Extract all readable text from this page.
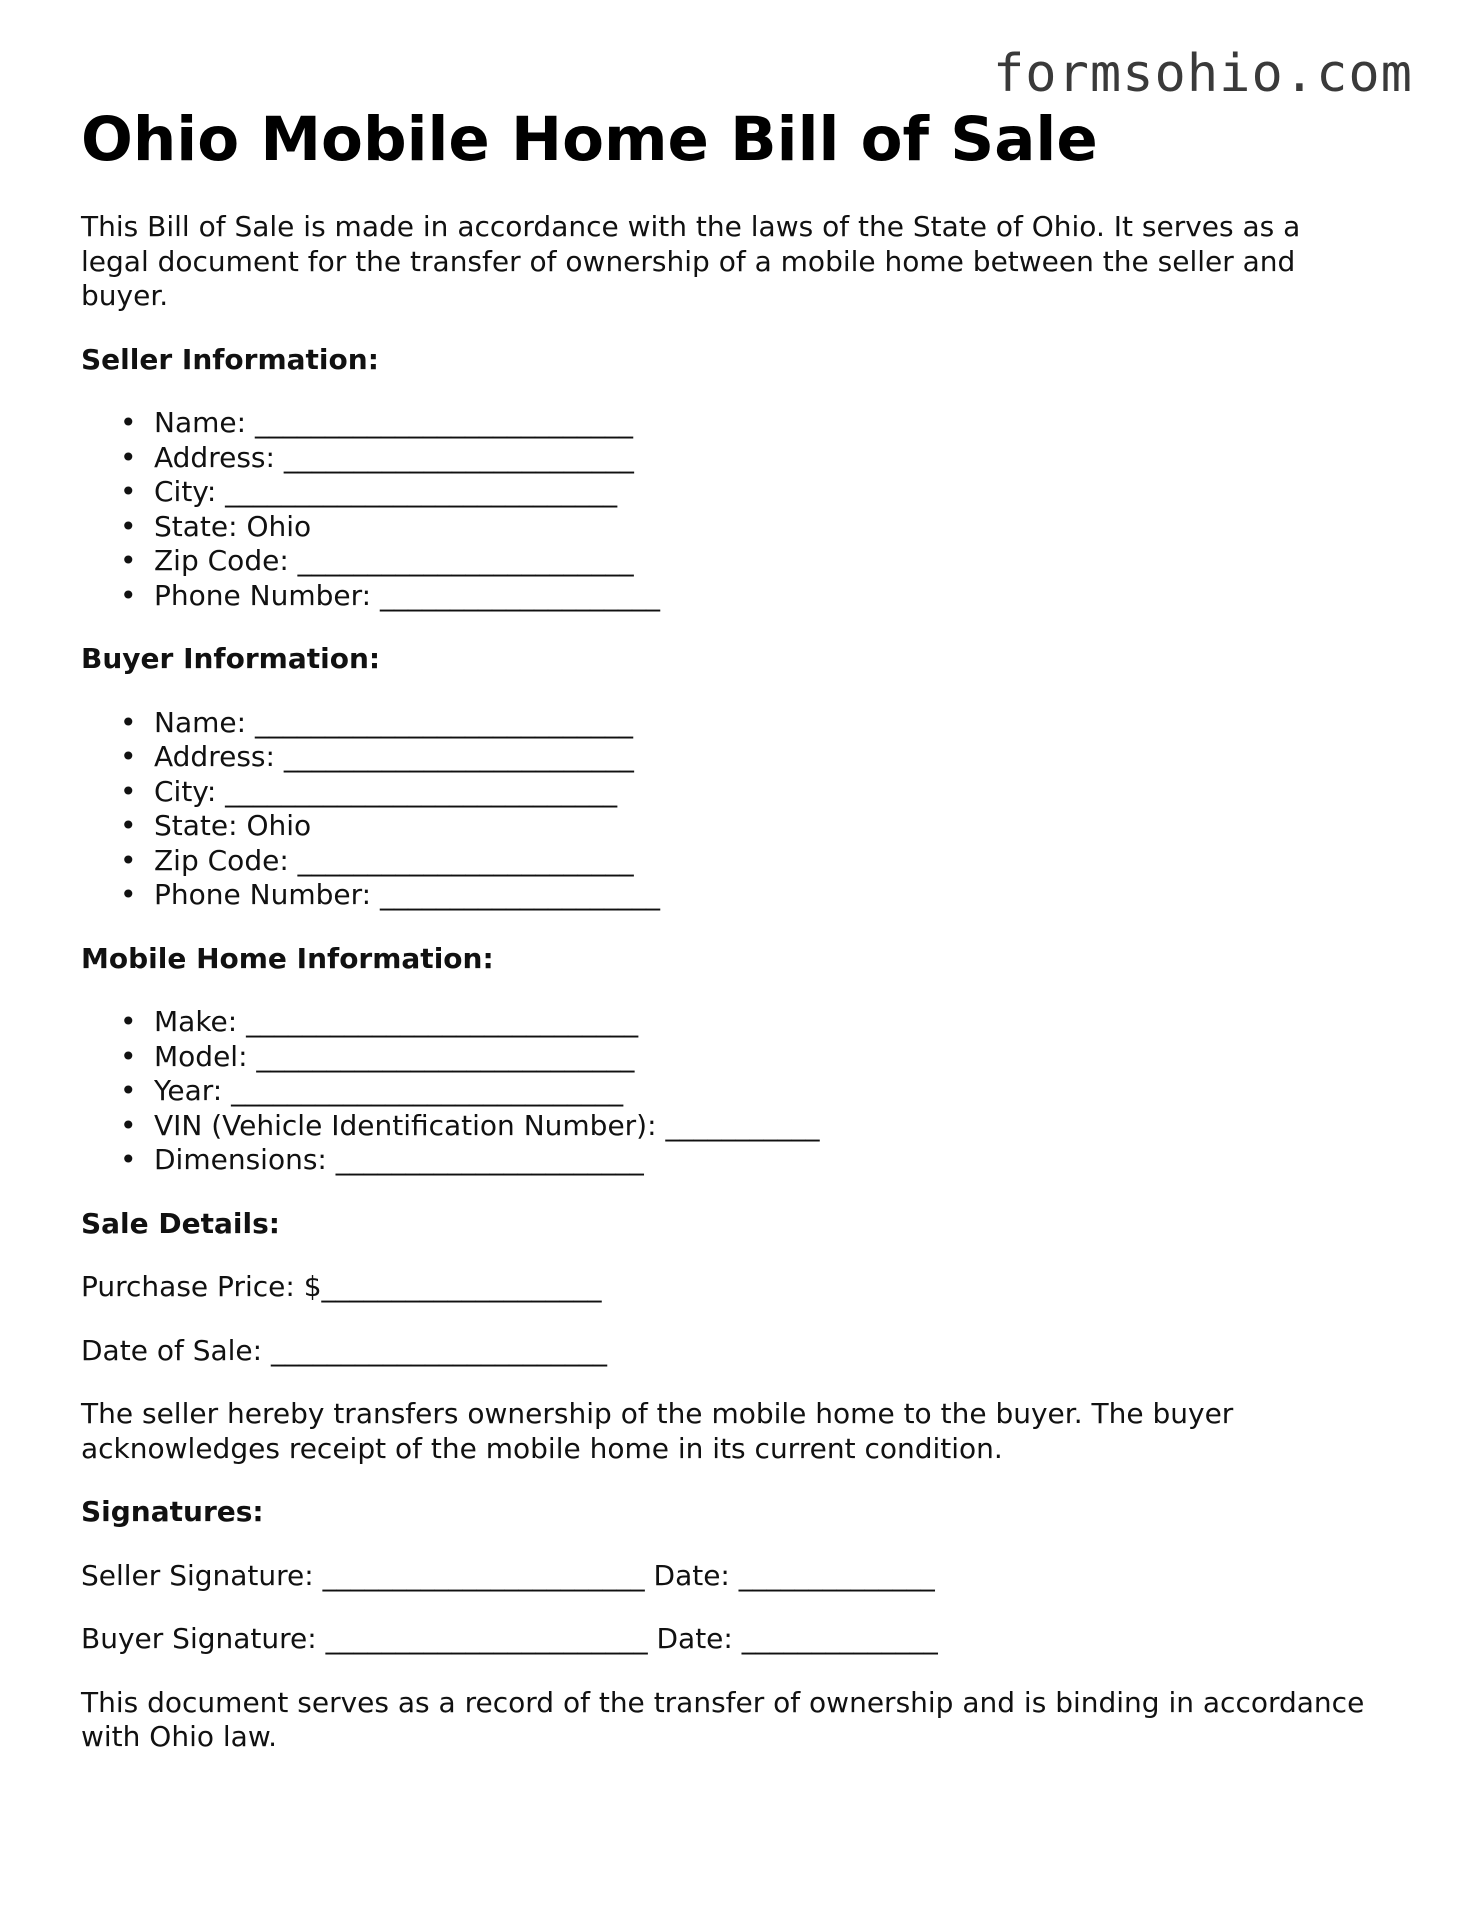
formsohio.com
Ohio Mobile Home Bill of Sale

This Bill of Sale is made in accordance with the laws of the State of Ohio. It serves as a legal document for the transfer of ownership of a mobile home between the seller and buyer.

Seller Information:

• Name: ___________________________
• Address: _________________________
• City: ____________________________
• State: Ohio
• Zip Code: ________________________
• Phone Number: ____________________

Buyer Information:

• Name: ___________________________
• Address: _________________________
• City: ____________________________
• State: Ohio
• Zip Code: ________________________
• Phone Number: ____________________

Mobile Home Information:

• Make: ____________________________
• Model: ___________________________
• Year: ____________________________
• VIN (Vehicle Identification Number): ___________
• Dimensions: ______________________

Sale Details:

Purchase Price: $____________________

Date of Sale: ________________________

The seller hereby transfers ownership of the mobile home to the buyer. The buyer acknowledges receipt of the mobile home in its current condition.

Signatures:

Seller Signature: _______________________ Date: ______________

Buyer Signature: _______________________ Date: ______________

This document serves as a record of the transfer of ownership and is binding in accordance with Ohio law.
